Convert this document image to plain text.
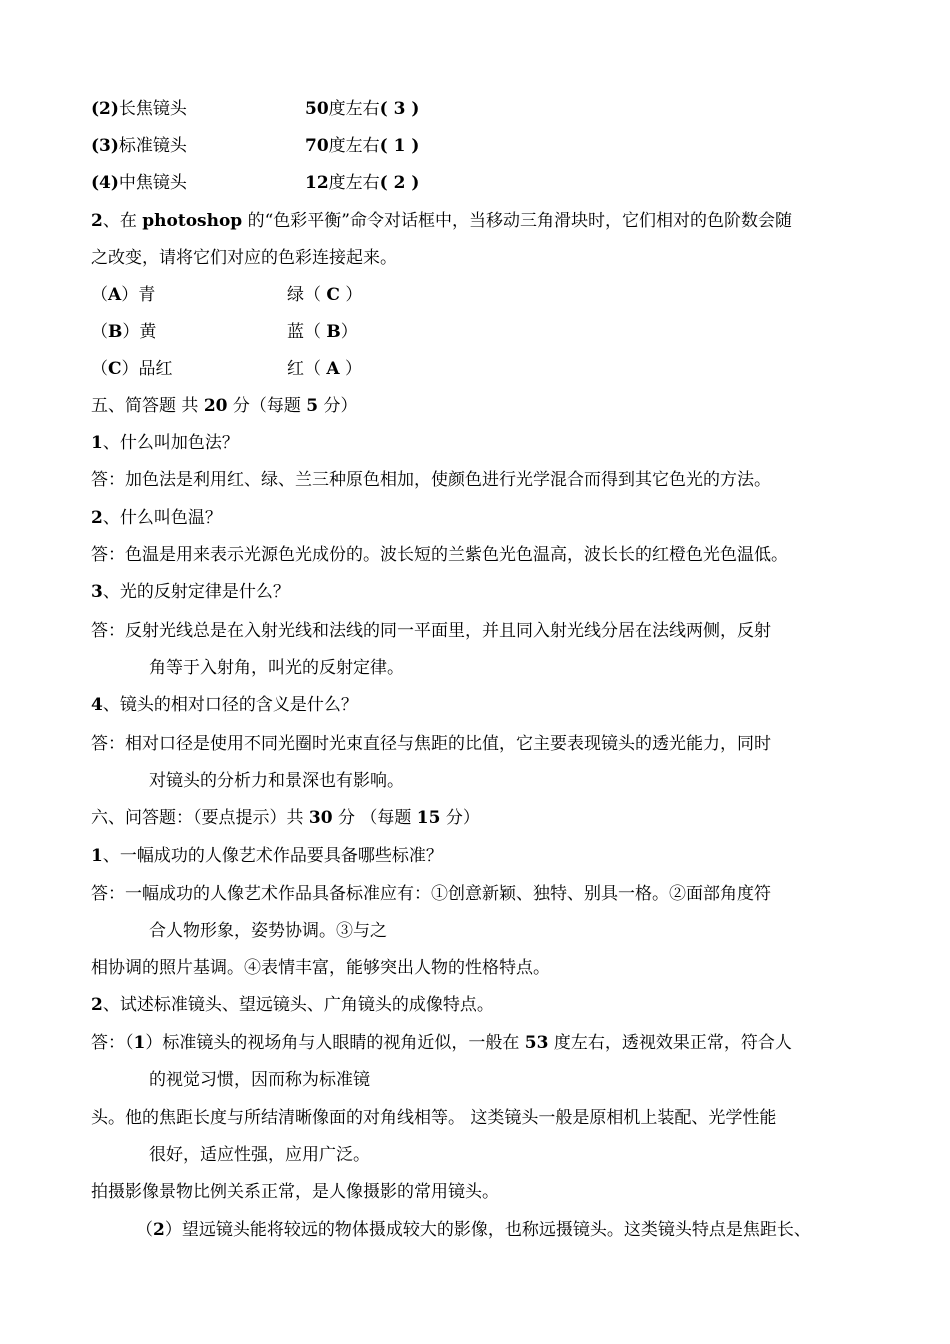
(2)长焦镜头	50度左右( 3 )
(3)标准镜头	70度左右( 1 )
(4)中焦镜头	12度左右( 2 )
2、在 photoshop 的“色彩平衡”命令对话框中，当移动三角滑块时，它们相对的色阶数会随
之改变，请将它们对应的色彩连接起来。
（A）青	绿（ C ）
（B）黄	蓝（ B）
（C）品红	红（ A ）
五、简答题 共 20 分（每题 5 分）
1、什么叫加色法？
答：加色法是利用红、绿、兰三种原色相加，使颜色进行光学混合而得到其它色光的方法。
2、什么叫色温？
答：色温是用来表示光源色光成份的。波长短的兰紫色光色温高，波长长的红橙色光色温低。
3、光的反射定律是什么？
答：反射光线总是在入射光线和法线的同一平面里，并且同入射光线分居在法线两侧，反射
角等于入射角，叫光的反射定律。
4、镜头的相对口径的含义是什么？
答：相对口径是使用不同光圈时光束直径与焦距的比值，它主要表现镜头的透光能力，同时
对镜头的分析力和景深也有影响。
六、问答题：（要点提示）共 30 分 （每题 15 分）
1、一幅成功的人像艺术作品要具备哪些标准？
答：一幅成功的人像艺术作品具备标准应有：①创意新颖、独特、别具一格。②面部角度符
合人物形象，姿势协调。③与之
相协调的照片基调。④表情丰富，能够突出人物的性格特点。
2、试述标准镜头、望远镜头、广角镜头的成像特点。
答：（1）标准镜头的视场角与人眼睛的视角近似，一般在 53 度左右，透视效果正常，符合人
的视觉习惯，因而称为标准镜
头。他的焦距长度与所结清晰像面的对角线相等。 这类镜头一般是原相机上装配、光学性能
很好，适应性强，应用广泛。
拍摄影像景物比例关系正常，是人像摄影的常用镜头。
（2）望远镜头能将较远的物体摄成较大的影像，也称远摄镜头。这类镜头特点是焦距长、
